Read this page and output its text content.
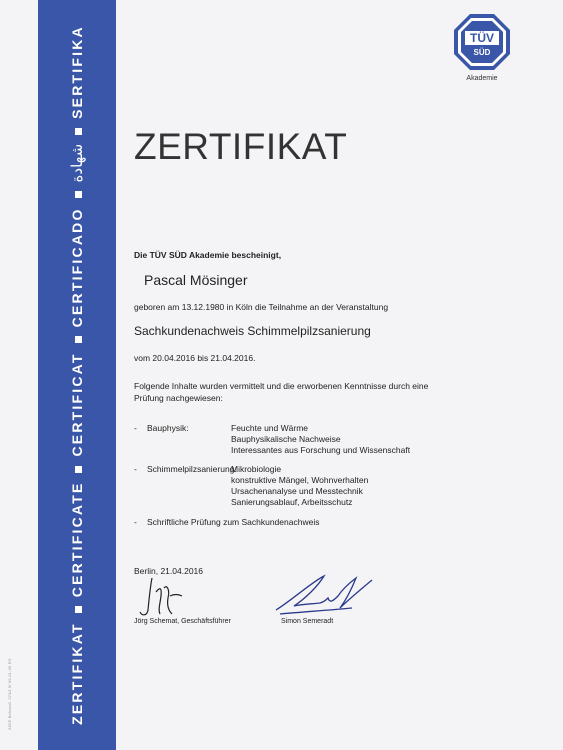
AfGE Behandl. 07&3 9/ 09-01-09 RS	ZERTIFIKATCERTIFICATECERTIFICATCERTIFICADOشهادةSERTIFIKA	TÜV
SÜD
Akademie
ZERTIFIKAT
Die TÜV SÜD Akademie bescheinigt,
Pascal Mösinger
geboren am 13.12.1980 in Köln die Teilnahme an der Veranstaltung
Sachkundenachweis Schimmelpilzsanierung
vom 20.04.2016 bis 21.04.2016.
Folgende Inhalte wurden vermittelt und die erworbenen Kenntnisse durch eine Prüfung nachgewiesen:
- Bauphysik:	Feuchte und Wärme
Bauphysikalische Nachweise
Interessantes aus Forschung und Wissenschaft
- Schimmelpilzsanierung:
Mikrobiologie
konstruktive Mängel, Wohnverhalten
Ursachenanalyse und Messtechnik
Sanierungsablauf, Arbeitsschutz
- Schriftliche Prüfung zum Sachkundenachweis
Berlin, 21.04.2016
Jörg Schemat, Geschäftsführer	Simon Semeradt
